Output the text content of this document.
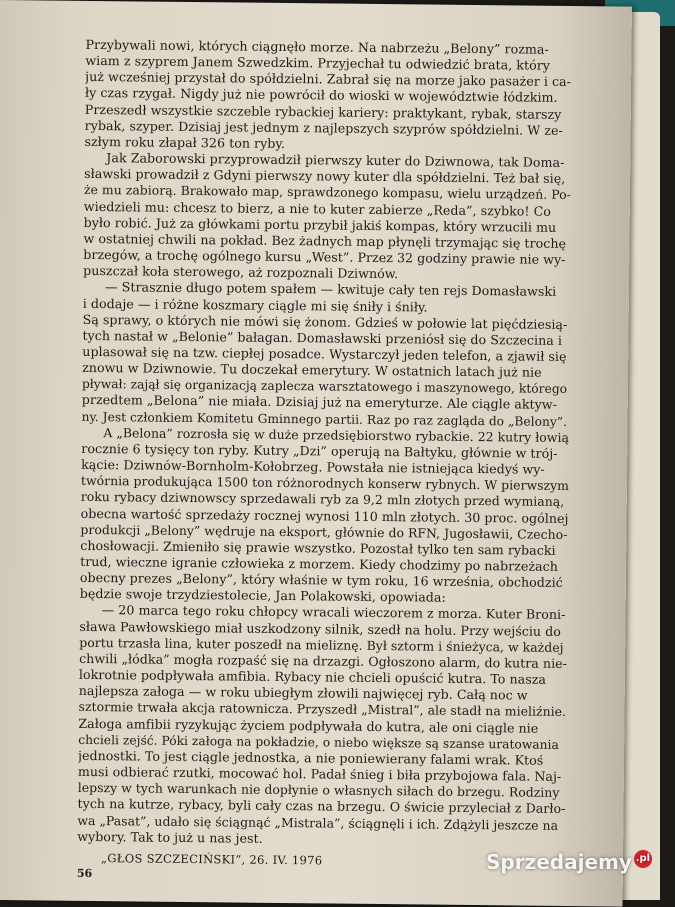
Przybywali nowi, których ciągnęło morze. Na nabrzeżu „Belony” rozma-
wiam z szyprem Janem Szwedzkim. Przyjechał tu odwiedzić brata, który
już wcześniej przystał do spółdzielni. Zabrał się na morze jako pasażer i ca-
ły czas rzygał. Nigdy już nie powrócił do wioski w województwie łódzkim.
Przeszedł wszystkie szczeble rybackiej kariery: praktykant, rybak, starszy
rybak, szyper. Dzisiaj jest jednym z najlepszych szyprów spółdzielni. W ze-
szłym roku złapał 326 ton ryby.
Jak Zaborowski przyprowadził pierwszy kuter do Dziwnowa, tak Doma-
sławski prowadził z Gdyni pierwszy nowy kuter dla spółdzielni. Też bał się,
że mu zabiorą. Brakowało map, sprawdzonego kompasu, wielu urządzeń. Po-
wiedzieli mu: chcesz to bierz, a nie to kuter zabierze „Reda”, szybko! Co
było robić. Już za główkami portu przybił jakiś kompas, który wrzucili mu
w ostatniej chwili na pokład. Bez żadnych map płynęli trzymając się trochę
brzegów, a trochę ogólnego kursu „West”. Przez 32 godziny prawie nie wy-
puszczał koła sterowego, aż rozpoznali Dziwnów.
— Strasznie długo potem spałem — kwituje cały ten rejs Domasławski
i dodaje — i różne koszmary ciągle mi się śniły i śniły.
Są sprawy, o których nie mówi się żonom. Gdzieś w połowie lat pięćdziesią-
tych nastał w „Belonie” bałagan. Domasławski przeniósł się do Szczecina i
uplasował się na tzw. ciepłej posadce. Wystarczył jeden telefon, a zjawił się
znowu w Dziwnowie. Tu doczekał emerytury. W ostatnich latach już nie
pływał: zajął się organizacją zaplecza warsztatowego i maszynowego, którego
przedtem „Belona” nie miała. Dzisiaj już na emeryturze. Ale ciągle aktyw-
ny. Jest członkiem Komitetu Gminnego partii. Raz po raz zagląda do „Belony”.
A „Belona” rozrosła się w duże przedsiębiorstwo rybackie. 22 kutry łowią
rocznie 6 tysięcy ton ryby. Kutry „Dzi” operują na Bałtyku, głównie w trój-
kącie: Dziwnów-Bornholm-Kołobrzeg. Powstała nie istniejąca kiedyś wy-
twórnia produkująca 1500 ton różnorodnych konserw rybnych. W pierwszym
roku rybacy dziwnowscy sprzedawali ryb za 9,2 mln złotych przed wymianą,
obecna wartość sprzedaży rocznej wynosi 110 mln złotych. 30 proc. ogólnej
produkcji „Belony” wędruje na eksport, głównie do RFN, Jugosławii, Czecho-
chosłowacji. Zmieniło się prawie wszystko. Pozostał tylko ten sam rybacki
trud, wieczne igranie człowieka z morzem. Kiedy chodzimy po nabrzeżach
obecny prezes „Belony”, który właśnie w tym roku, 16 września, obchodzić
będzie swoje trzydziestolecie, Jan Polakowski, opowiada:
— 20 marca tego roku chłopcy wracali wieczorem z morza. Kuter Broni-
sława Pawłowskiego miał uszkodzony silnik, szedł na holu. Przy wejściu do
portu trzasła lina, kuter poszedł na mieliznę. Był sztorm i śnieżyca, w każdej
chwili „łódka” mogła rozpaść się na drzazgi. Ogłoszono alarm, do kutra nie-
lokrotnie podpływała amfibia. Rybacy nie chcieli opuścić kutra. To nasza
najlepsza załoga — w roku ubiegłym złowili najwięcej ryb. Całą noc w
sztormie trwała akcja ratownicza. Przyszedł „Mistral”, ale stadł na mieliźnie.
Załoga amfibii ryzykując życiem podpływała do kutra, ale oni ciągle nie
chcieli zejść. Póki załoga na pokładzie, o niebo większe są szanse uratowania
jednostki. To jest ciągle jednostka, a nie poniewierany falami wrak. Ktoś
musi odbierać rzutki, mocować hol. Padał śnieg i biła przybojowa fala. Naj-
lepszy w tych warunkach nie dopłynie o własnych siłach do brzegu. Rodziny
tych na kutrze, rybacy, byli cały czas na brzegu. O świcie przyleciał z Darło-
wa „Pasat”, udało się ściągnąć „Mistrala”, ściągnęli i ich. Zdążyli jeszcze na
wybory. Tak to już u nas jest.
„GŁOS SZCZECIŃSKI”, 26. IV. 1976
56	Sprzedajemy .pl
